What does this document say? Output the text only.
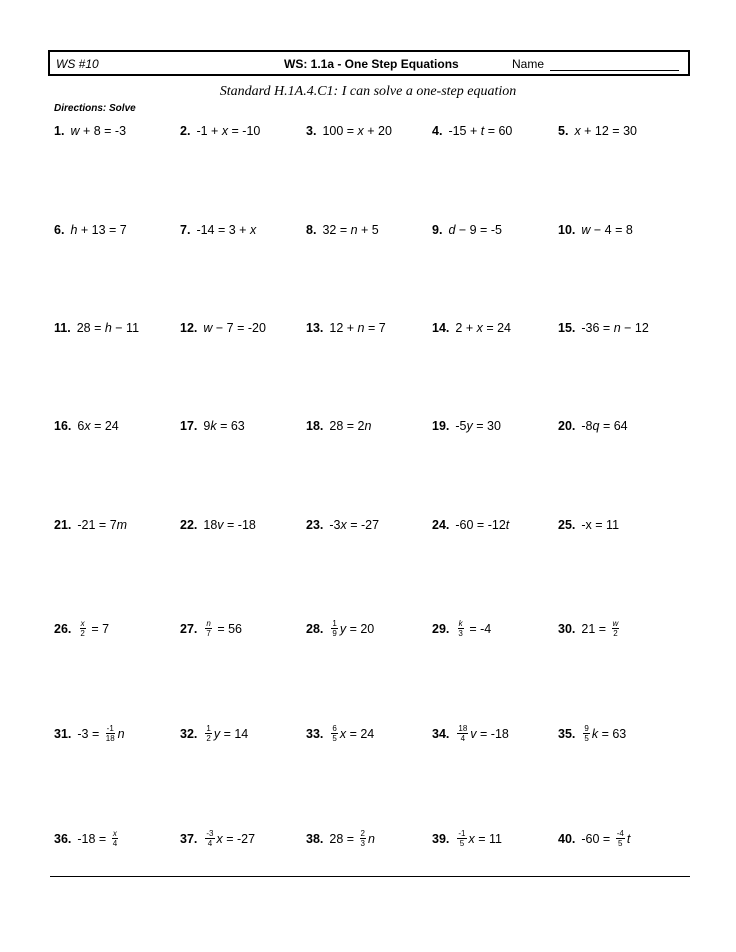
WS #10	WS: 1.1a - One Step Equations	Name
Standard H.1A.4.C1: I can solve a one-step equation
Directions: Solve
1. w + 8 = -3	2. -1 + x = -10	3. 100 = x + 20	4. -15 + t = 60	5. x + 12 = 30
6. h + 13 = 7	7. -14 = 3 + x	8. 32 = n + 5	9. d − 9 = -5	10. w − 4 = 8
11. 28 = h − 11	12. w − 7 = -20	13. 12 + n = 7	14. 2 + x = 24	15. -36 = n − 12
16. 6 x = 24	17. 9 k = 63	18. 28 = 2 n	19. -5 y = 30	20. -8 q = 64
21. -21 = 7 m	22. 18 v = -18	23. -3 x = -27	24. -60 = -12 t	25. -x = 11
26. $\frac{x}{2} = 7$	27. $\frac{n}{7} = 56$	28. $\frac{1}{9}$ y = 20	29. $\frac{k}{3} = -4$	30. $21 = \frac{w}{2}$
31. $-3 = \frac{-1}{18}$ n	32. $\frac{1}{2}$ y = 14	33. $\frac{6}{5}$ x = 24	34. $\frac{18}{4}$ v = -18	35. $\frac{9}{5}$ k = 63
36. $-18 = \frac{x}{4}$	37. $\frac{-3}{4}$ x = -27	38. $28 = \frac{2}{3}$ n	39. $\frac{-1}{5}$ x = 11	40. $-60 = \frac{-4}{5}$ t
